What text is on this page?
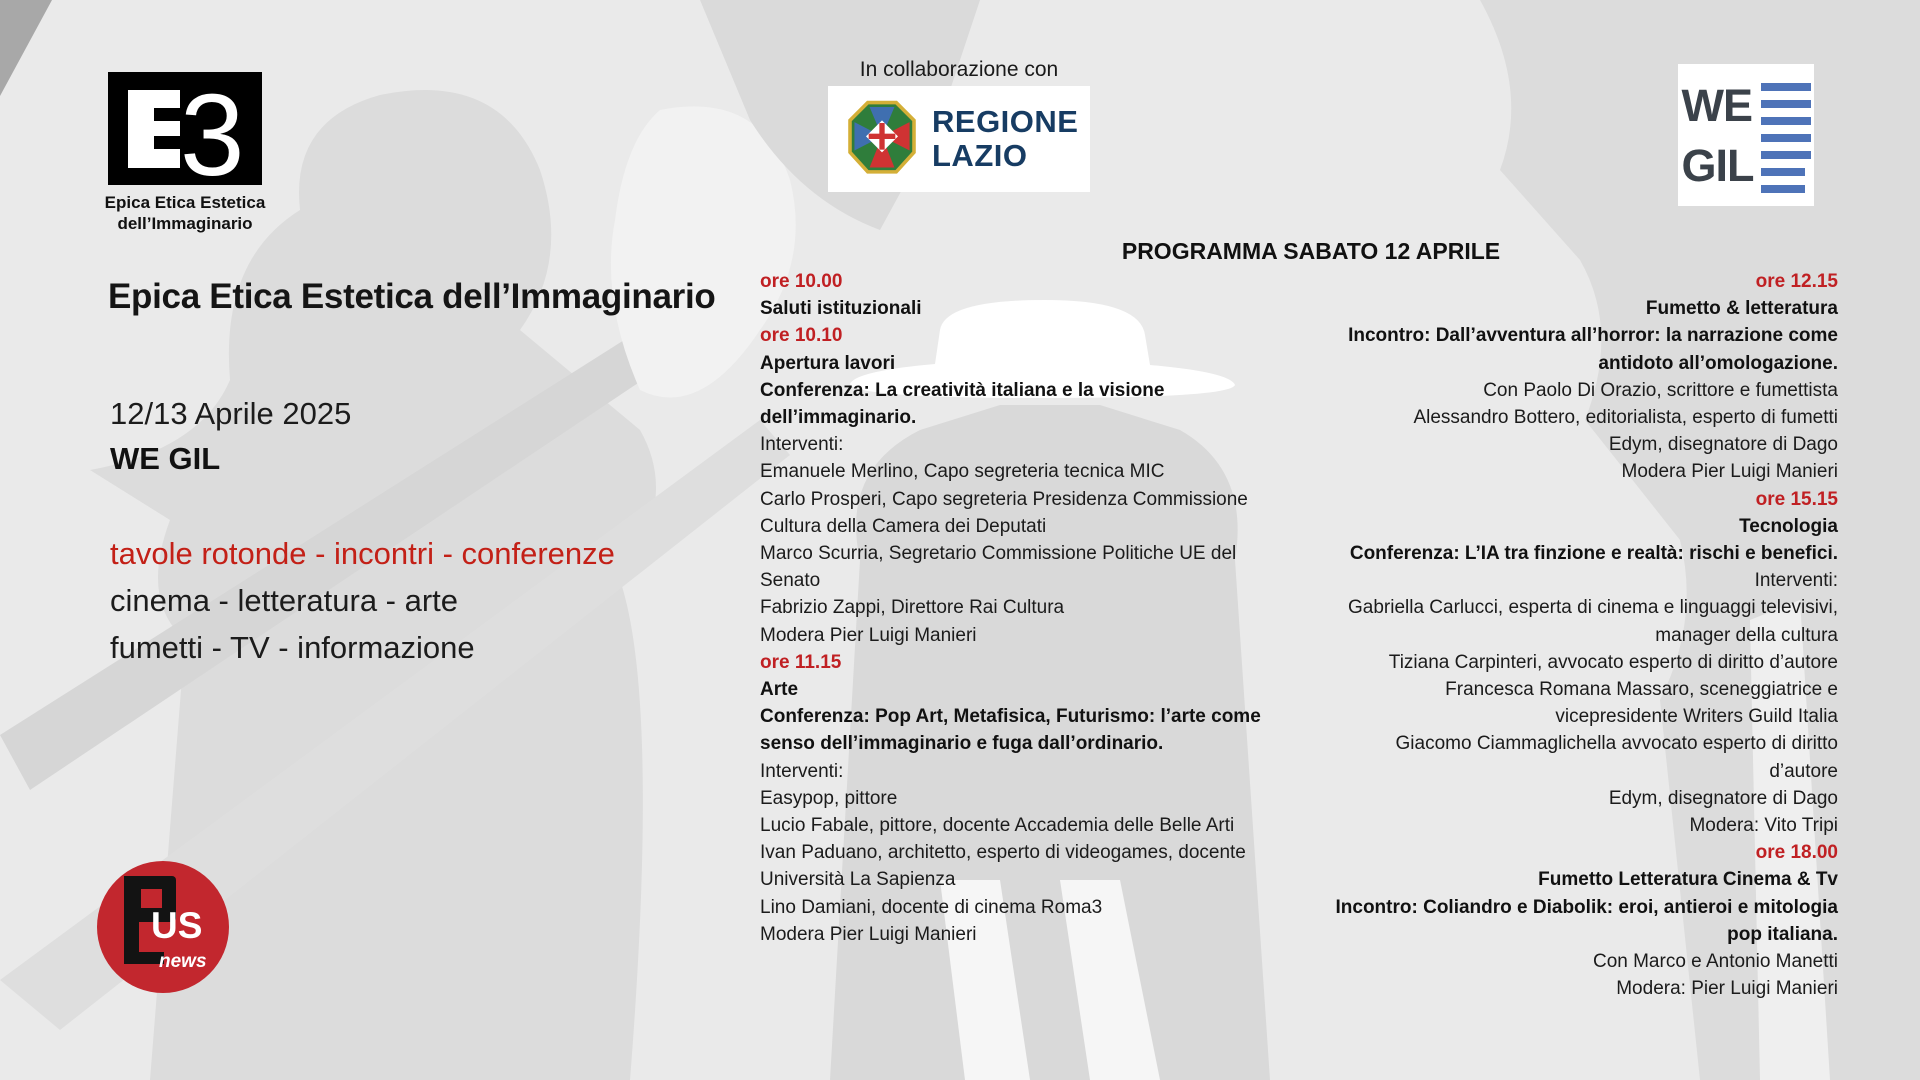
3
Epica Etica Estetica
dell’Immaginario
Epica Etica Estetica dell’Immaginario
12/13 Aprile 2025
WE GIL
tavole rotonde - incontri - conferenze
cinema - letteratura - arte
fumetti - TV - informazione
In collaborazione con
REGIONE
LAZIO
WE
GIL
PROGRAMMA SABATO 12 APRILE
ore 10.00
Saluti istituzionali
ore 10.10
Apertura lavori
Conferenza: La creatività italiana e la visione
dell’immaginario.
Interventi:
Emanuele Merlino, Capo segreteria tecnica MIC
Carlo Prosperi, Capo segreteria Presidenza Commissione
Cultura della Camera dei Deputati
Marco Scurria, Segretario Commissione Politiche UE del
Senato
Fabrizio Zappi, Direttore Rai Cultura
Modera Pier Luigi Manieri
ore 11.15
Arte
Conferenza: Pop Art, Metafisica, Futurismo: l’arte come
senso dell’immaginario e fuga dall’ordinario.
Interventi:
Easypop, pittore
Lucio Fabale, pittore, docente Accademia delle Belle Arti
Ivan Paduano, architetto, esperto di videogames, docente
Università La Sapienza
Lino Damiani, docente di cinema Roma3
Modera Pier Luigi Manieri
ore 12.15
Fumetto & letteratura
Incontro: Dall’avventura all’horror: la narrazione come
antidoto all’omologazione.
Con Paolo Di Orazio, scrittore e fumettista
Alessandro Bottero, editorialista, esperto di fumetti
Edym, disegnatore di Dago
Modera Pier Luigi Manieri
ore 15.15
Tecnologia
Conferenza: L’IA tra finzione e realtà: rischi e benefici.
Interventi:
Gabriella Carlucci, esperta di cinema e linguaggi televisivi,
manager della cultura
Tiziana Carpinteri, avvocato esperto di diritto d’autore
Francesca Romana Massaro, sceneggiatrice e
vicepresidente Writers Guild Italia
Giacomo Ciammaglichella avvocato esperto di diritto
d’autore
Edym, disegnatore di Dago
Modera: Vito Tripi
ore 18.00
Fumetto Letteratura Cinema & Tv
Incontro: Coliandro e Diabolik: eroi, antieroi e mitologia
pop italiana.
Con Marco e Antonio Manetti
Modera: Pier Luigi Manieri
US
news
